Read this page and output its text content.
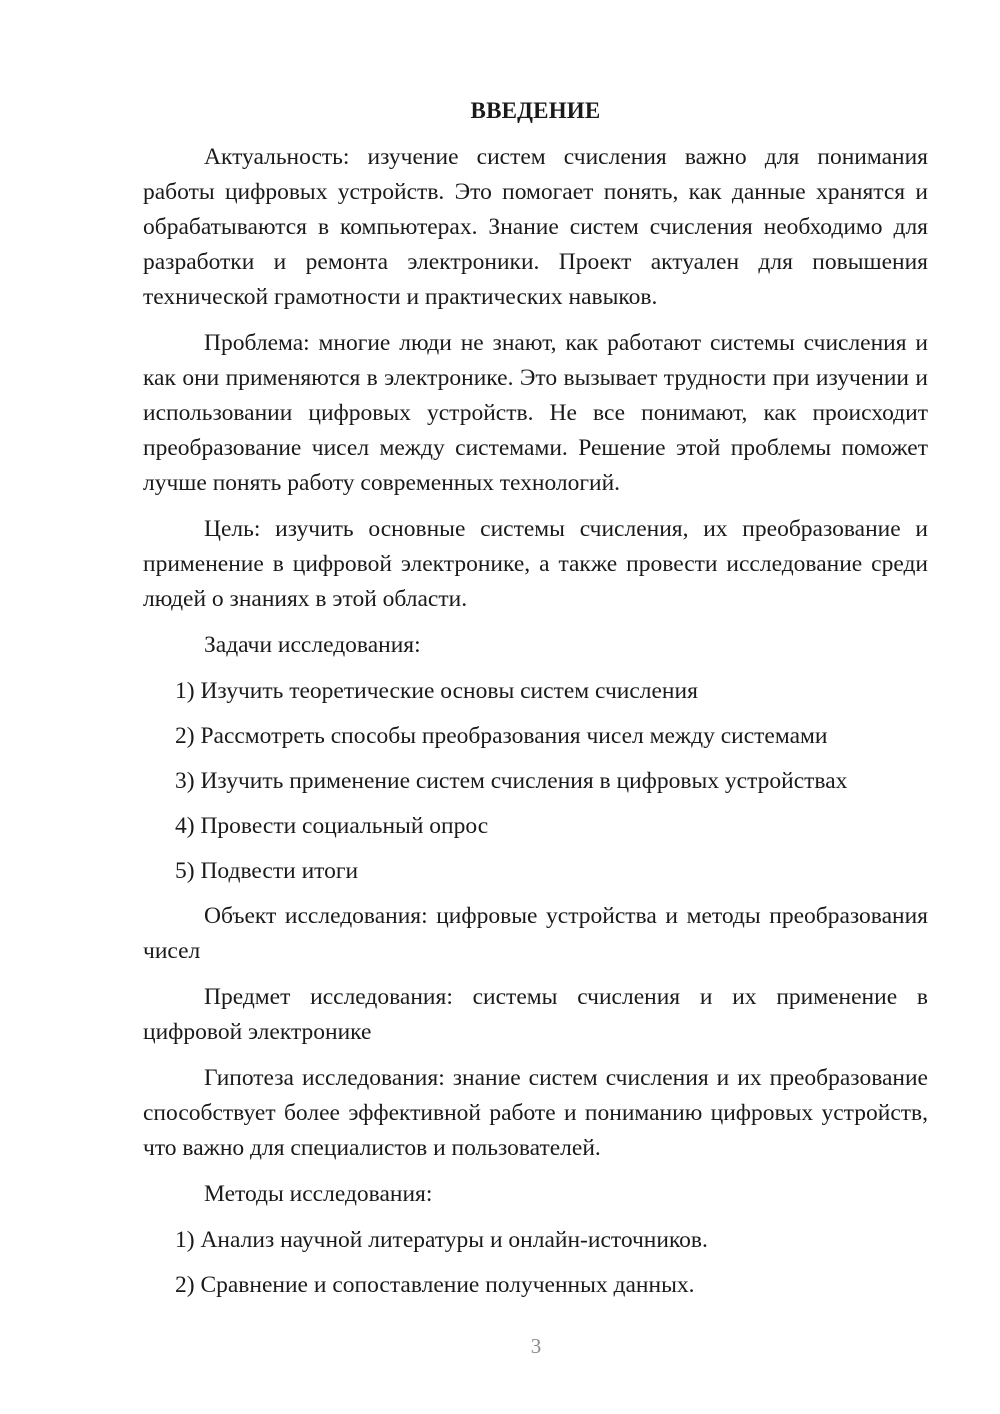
ВВЕДЕНИЕ

Актуальность: изучение систем счисления важно для понимания работы цифровых устройств. Это помогает понять, как данные хранятся и обрабатываются в компьютерах. Знание систем счисления необходимо для разработки и ремонта электроники. Проект актуален для повышения технической грамотности и практических навыков.

Проблема: многие люди не знают, как работают системы счисления и как они применяются в электронике. Это вызывает трудности при изучении и использовании цифровых устройств. Не все понимают, как происходит преобразование чисел между системами. Решение этой проблемы поможет лучше понять работу современных технологий.

Цель: изучить основные системы счисления, их преобразование и применение в цифровой электронике, а также провести исследование среди людей о знаниях в этой области.

Задачи исследования:

1) Изучить теоретические основы систем счисления
2) Рассмотреть способы преобразования чисел между системами
3) Изучить применение систем счисления в цифровых устройствах
4) Провести социальный опрос
5) Подвести итоги

Объект исследования: цифровые устройства и методы преобразования чисел

Предмет исследования: системы счисления и их применение в цифровой электронике

Гипотеза исследования: знание систем счисления и их преобразование способствует более эффективной работе и пониманию цифровых устройств, что важно для специалистов и пользователей.

Методы исследования:

1) Анализ научной литературы и онлайн-источников.
2) Сравнение и сопоставление полученных данных.
3
